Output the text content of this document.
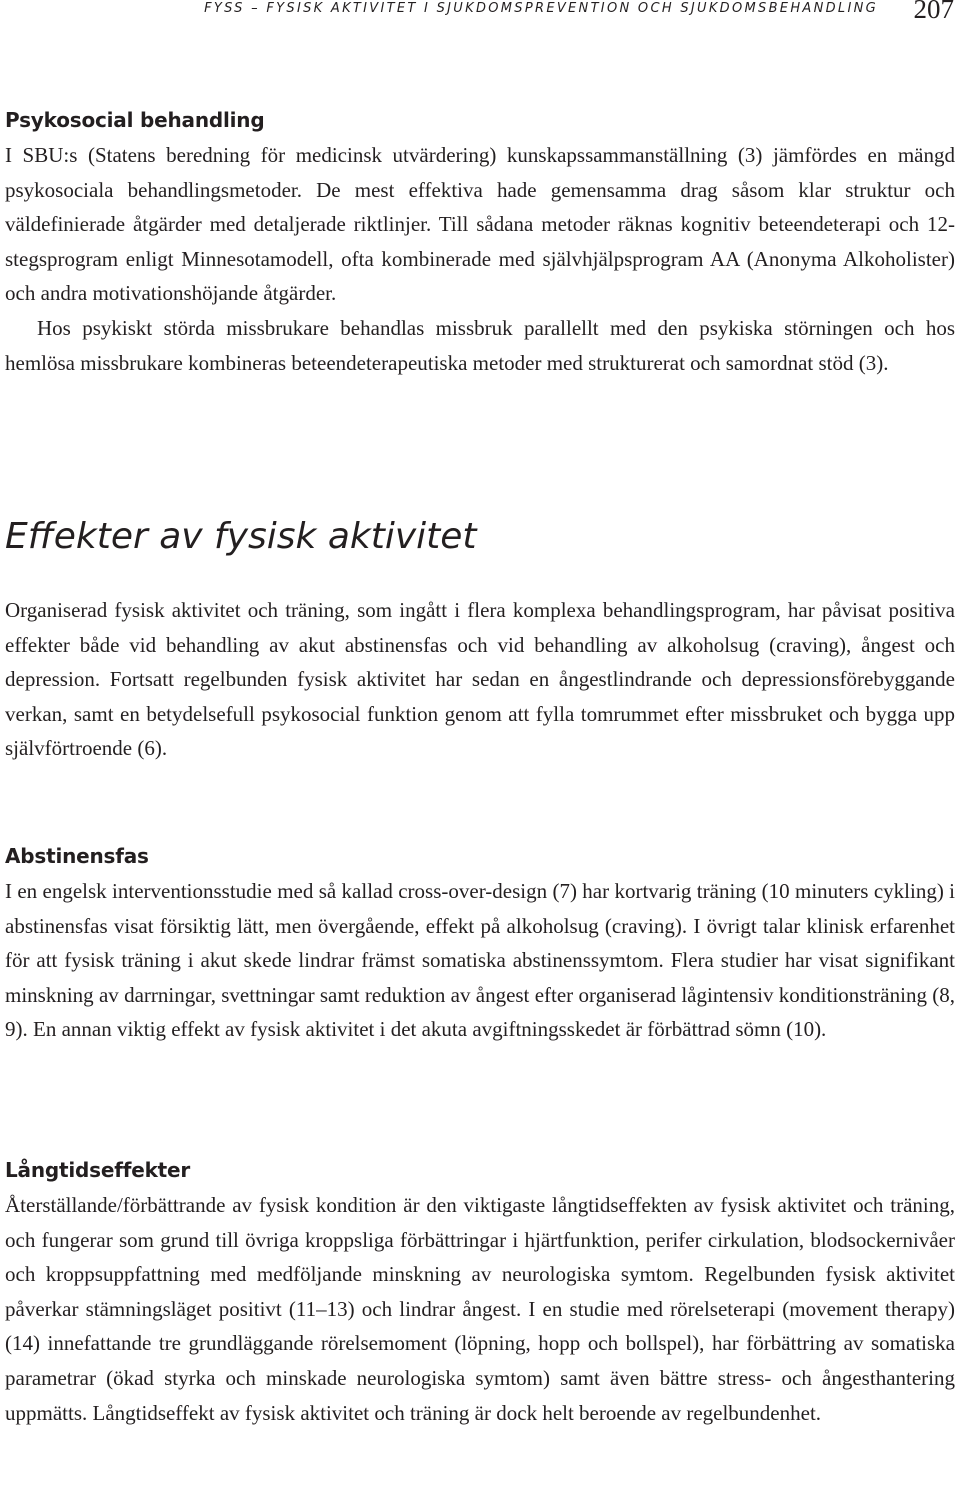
FYSS – FYSISK AKTIVITET I SJUKDOMSPREVENTION OCH SJUKDOMSBEHANDLING 207
Psykosocial behandling

I SBU:s (Statens beredning för medicinsk utvärdering) kunskapssammanställning (3) jämfördes en mängd psykosociala behandlingsmetoder. De mest effektiva hade gemensamma drag såsom klar struktur och väldefinierade åtgärder med detaljerade riktlinjer. Till sådana metoder räknas kognitiv beteendeterapi och 12-stegsprogram enligt Minnesotamodell, ofta kombinerade med självhjälpsprogram AA (Anonyma Alkoholister) och andra motivationshöjande åtgärder.

Hos psykiskt störda missbrukare behandlas missbruk parallellt med den psykiska störningen och hos hemlösa missbrukare kombineras beteendeterapeutiska metoder med strukturerat och samordnat stöd (3).

Effekter av fysisk aktivitet

Organiserad fysisk aktivitet och träning, som ingått i flera komplexa behandlingsprogram, har påvisat positiva effekter både vid behandling av akut abstinensfas och vid behandling av alkoholsug (craving), ångest och depression. Fortsatt regelbunden fysisk aktivitet har sedan en ångestlindrande och depressionsförebyggande verkan, samt en betydelsefull psykosocial funktion genom att fylla tomrummet efter missbruket och bygga upp självförtroende (6).

Abstinensfas

I en engelsk interventionsstudie med så kallad cross-over-design (7) har kortvarig träning (10 minuters cykling) i abstinensfas visat försiktig lätt, men övergående, effekt på alkoholsug (craving). I övrigt talar klinisk erfarenhet för att fysisk träning i akut skede lindrar främst somatiska abstinenssymtom. Flera studier har visat signifikant minskning av darrningar, svettningar samt reduktion av ångest efter organiserad lågintensiv konditionsträning (8, 9). En annan viktig effekt av fysisk aktivitet i det akuta avgiftningsskedet är förbättrad sömn (10).

Långtidseffekter

Återställande/förbättrande av fysisk kondition är den viktigaste långtidseffekten av fysisk aktivitet och träning, och fungerar som grund till övriga kroppsliga förbättringar i hjärtfunktion, perifer cirkulation, blodsockernivåer och kroppsuppfattning med medföljande minskning av neurologiska symtom. Regelbunden fysisk aktivitet påverkar stämningsläget positivt (11–13) och lindrar ångest. I en studie med rörelseterapi (movement therapy) (14) innefattande tre grundläggande rörelsemoment (löpning, hopp och bollspel), har förbättring av somatiska parametrar (ökad styrka och minskade neurologiska symtom) samt även bättre stress- och ångesthantering uppmätts. Långtidseffekt av fysisk aktivitet och träning är dock helt beroende av regelbundenhet.
